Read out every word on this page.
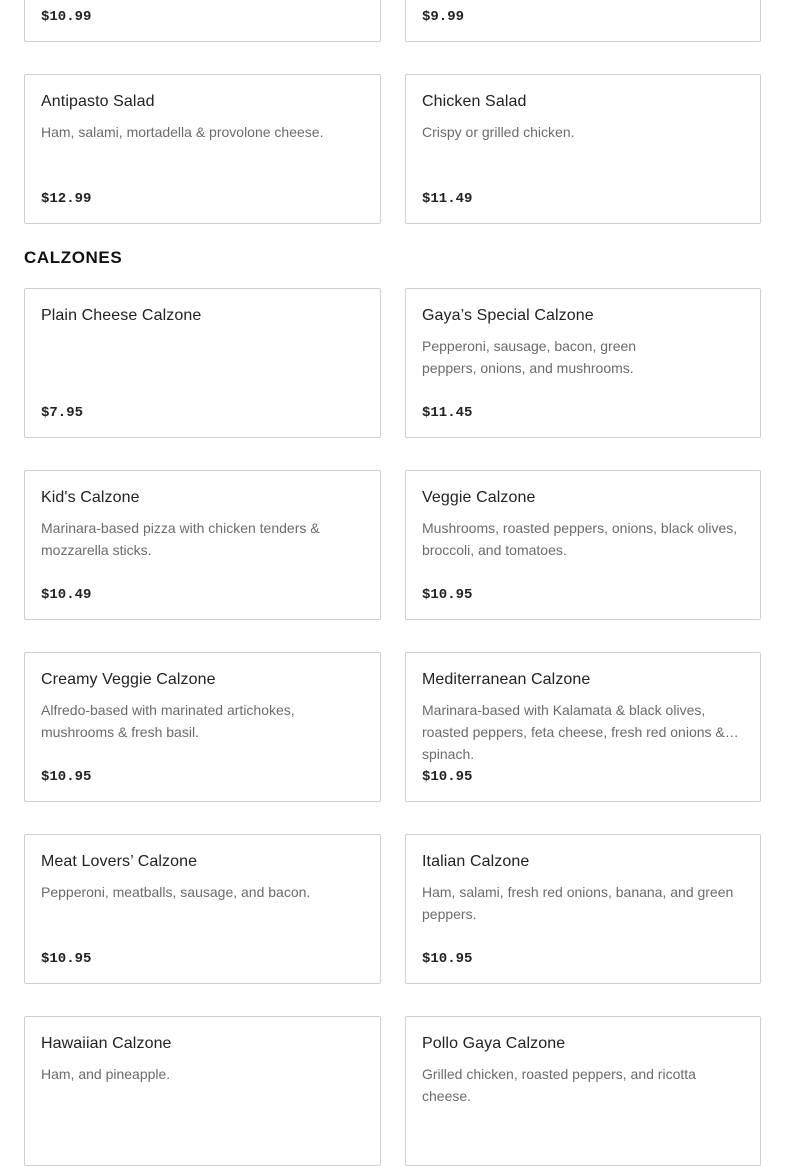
$10.99	$9.99
Antipasto Salad
Ham, salami, mortadella & provolone cheese.
$12.99
Chicken Salad
Crispy or grilled chicken.
$11.49
CALZONES
Plain Cheese Calzone
$7.95
Gaya’s Special Calzone
Pepperoni, sausage, bacon, green peppers, onions, and mushrooms.
$11.45
Kid's Calzone
Marinara-based pizza with chicken tenders & mozzarella sticks.
$10.49
Veggie Calzone
Mushrooms, roasted peppers, onions, black olives, broccoli, and tomatoes.
$10.95
Creamy Veggie Calzone
Alfredo-based with marinated artichokes, mushrooms & fresh basil.
$10.95
Mediterranean Calzone
Marinara-based with Kalamata & black olives, roasted peppers, feta cheese, fresh red onions & spinach.
$10.95
Meat Lovers’ Calzone
Pepperoni, meatballs, sausage, and bacon.
$10.95
Italian Calzone
Ham, salami, fresh red onions, banana, and green peppers.
$10.95
Hawaiian Calzone
Ham, and pineapple.
Pollo Gaya Calzone
Grilled chicken, roasted peppers, and ricotta cheese.
